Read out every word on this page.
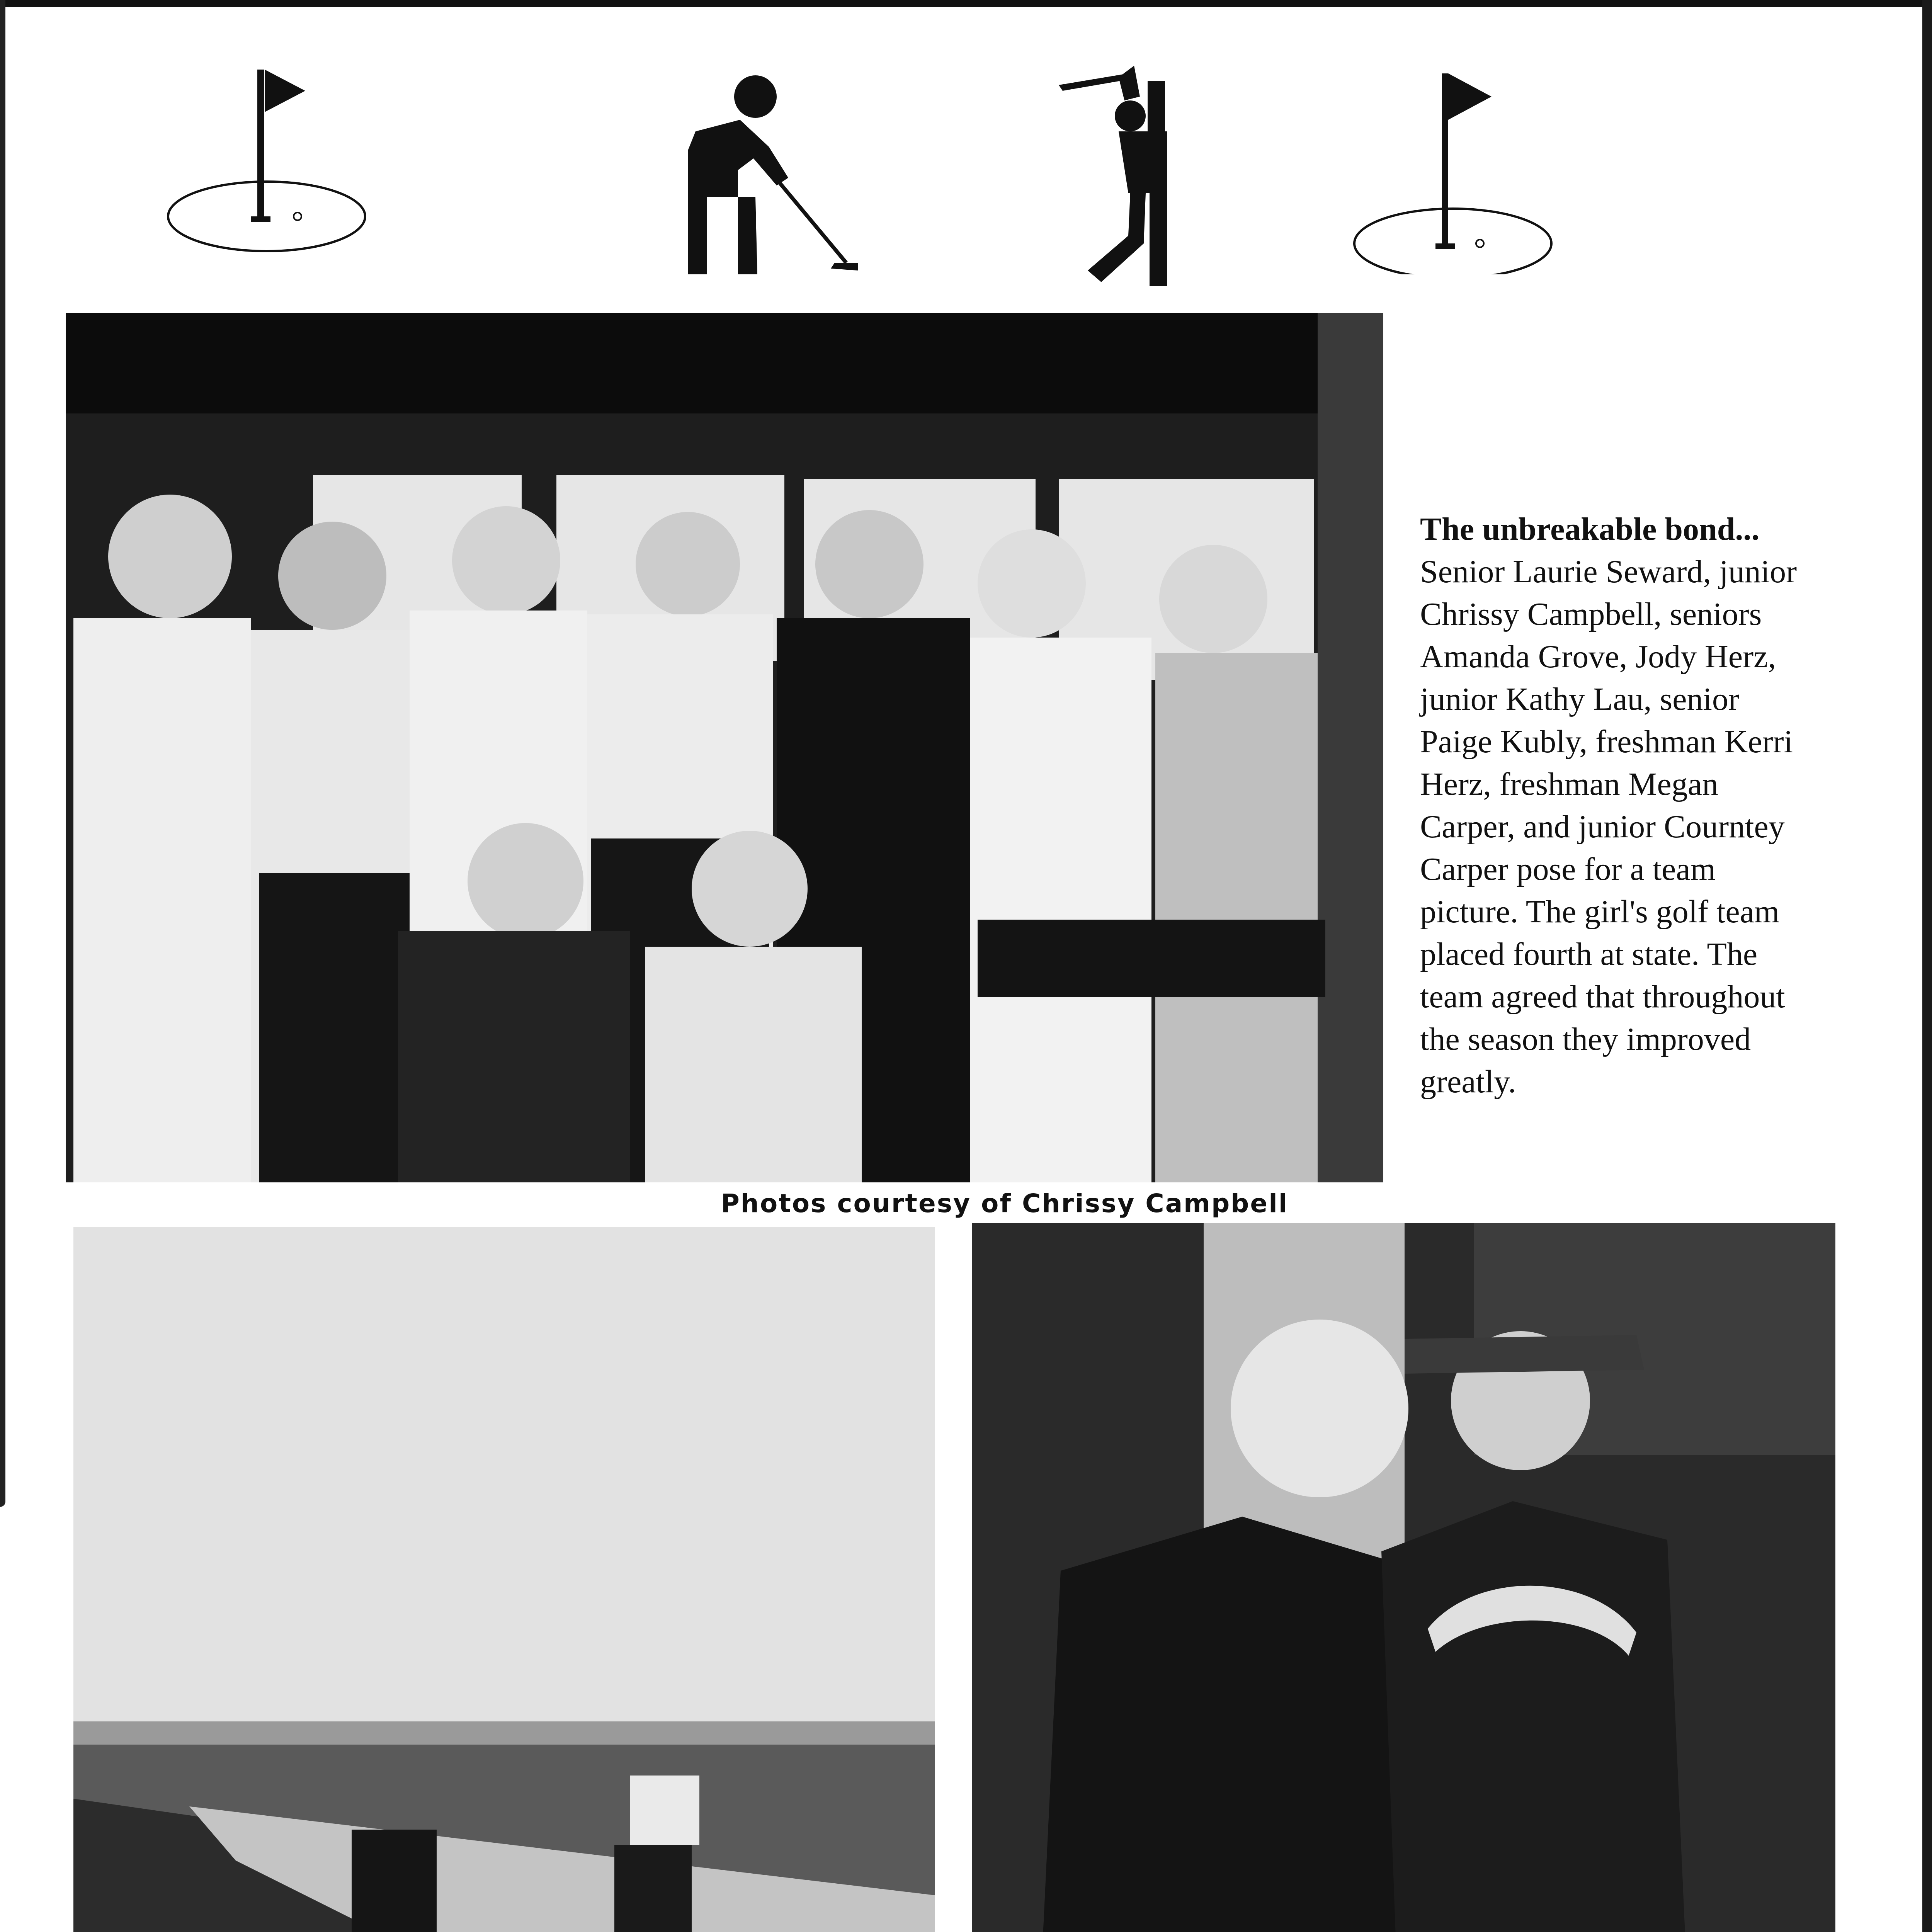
Photos courtesy of Chrissy Campbell
The unbreakable bond... Senior Laurie Seward, junior Chrissy Campbell, seniors Amanda Grove, Jody Herz, junior Kathy Lau, senior Paige Kubly, freshman Kerri Herz, freshman Megan Carper, and junior Courntey Carper pose for a team picture. The girl's golf team placed fourth at state. The team agreed that throughout the season they improved greatly.
